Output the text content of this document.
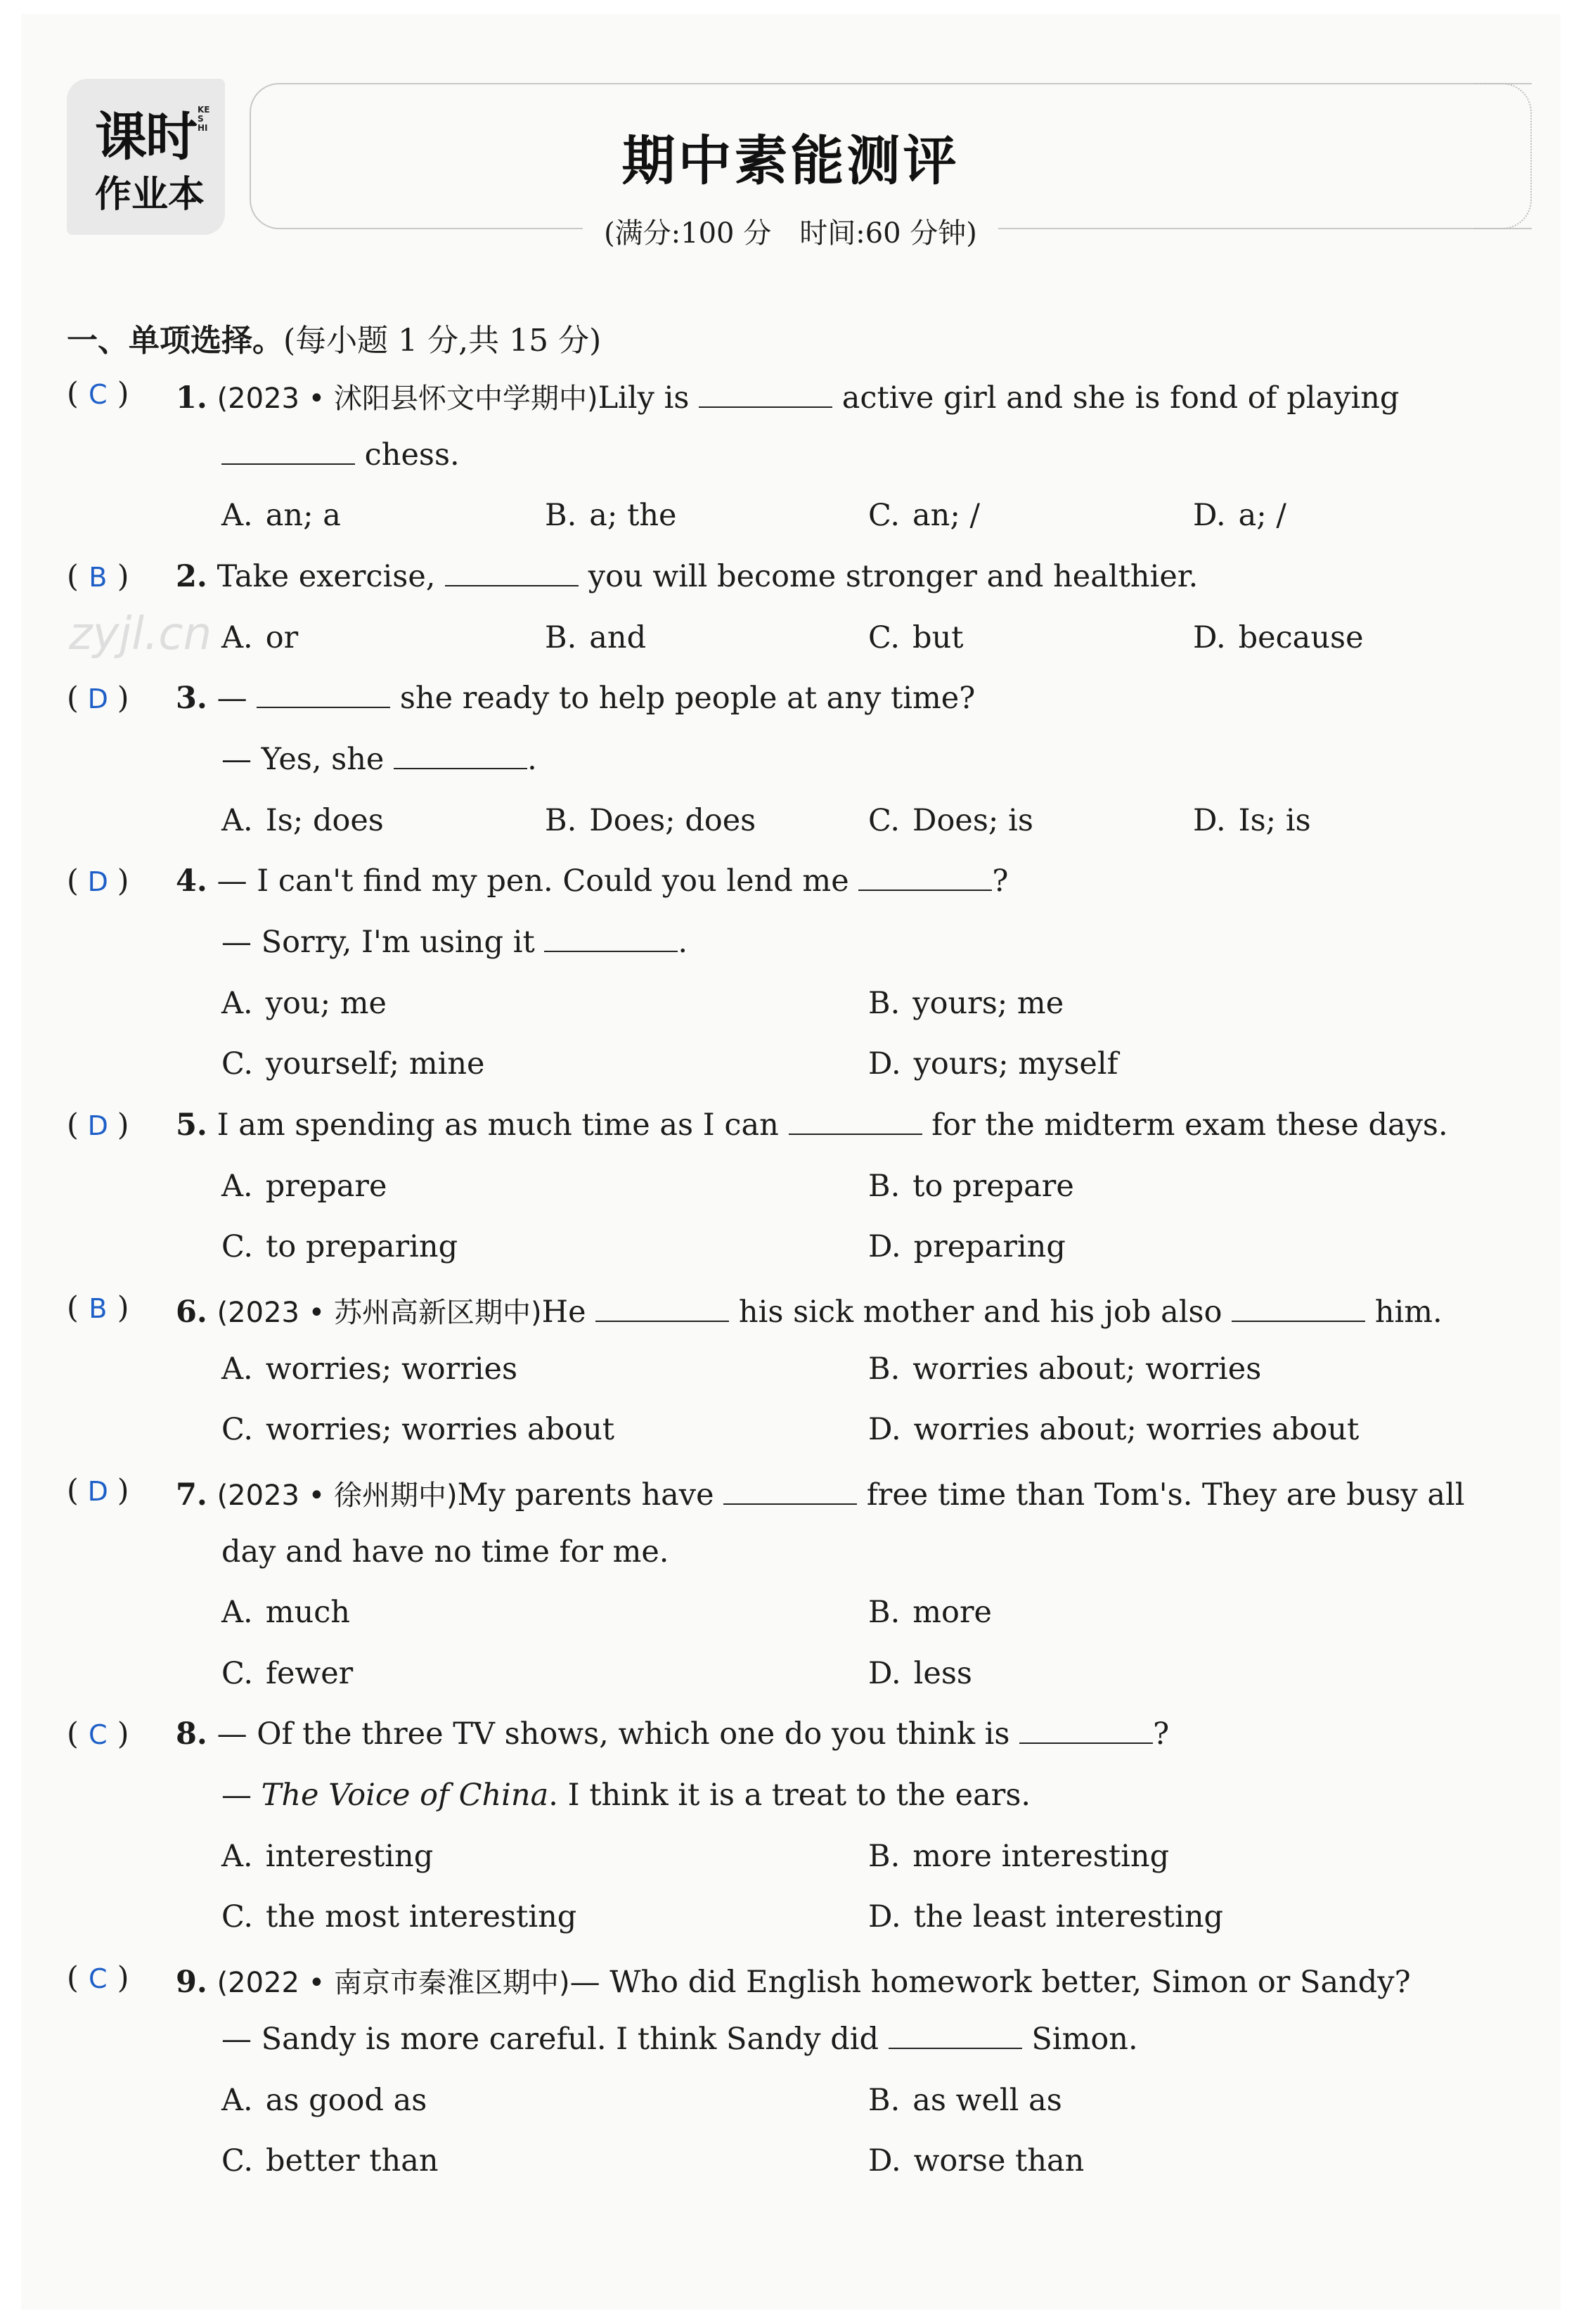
课时 KESHI
作业本
期中素能测评
(满分:100 分　时间:60 分钟)
一、单项选择。(每小题 1 分,共 15 分)
zyjl.cn
( C ) 1. (2023 • 沭阳县怀文中学期中)Lily is	active girl and she is fond of playing
chess.
A. an; a	B. a; the	C. an; /	D. a; /
( B ) 2. Take exercise,	you will become stronger and healthier.
A. or	B. and	C. but	D. because
( D ) 3. —	she ready to help people at any time?
— Yes, she	.
A. Is; does	B. Does; does	C. Does; is	D. Is; is
( D ) 4. — I can't find my pen. Could you lend me	?
— Sorry, I'm using it	.
A. you; me	B. yours; me
C. yourself; mine	D. yours; myself
( D ) 5. I am spending as much time as I can	for the midterm exam these days.
A. prepare	B. to prepare
C. to preparing	D. preparing
( B ) 6. (2023 • 苏州高新区期中)He	his sick mother and his job also	him.
A. worries; worries	B. worries about; worries
C. worries; worries about	D. worries about; worries about
( D ) 7. (2023 • 徐州期中)My parents have	free time than Tom's. They are busy all
day and have no time for me.
A. much	B. more
C. fewer	D. less
( C ) 8. — Of the three TV shows, which one do you think is	?
— The Voice of China. I think it is a treat to the ears.
A. interesting	B. more interesting
C. the most interesting	D. the least interesting
( C ) 9. (2022 • 南京市秦淮区期中)— Who did English homework better, Simon or Sandy?
— Sandy is more careful. I think Sandy did	Simon.
A. as good as	B. as well as
C. better than	D. worse than
